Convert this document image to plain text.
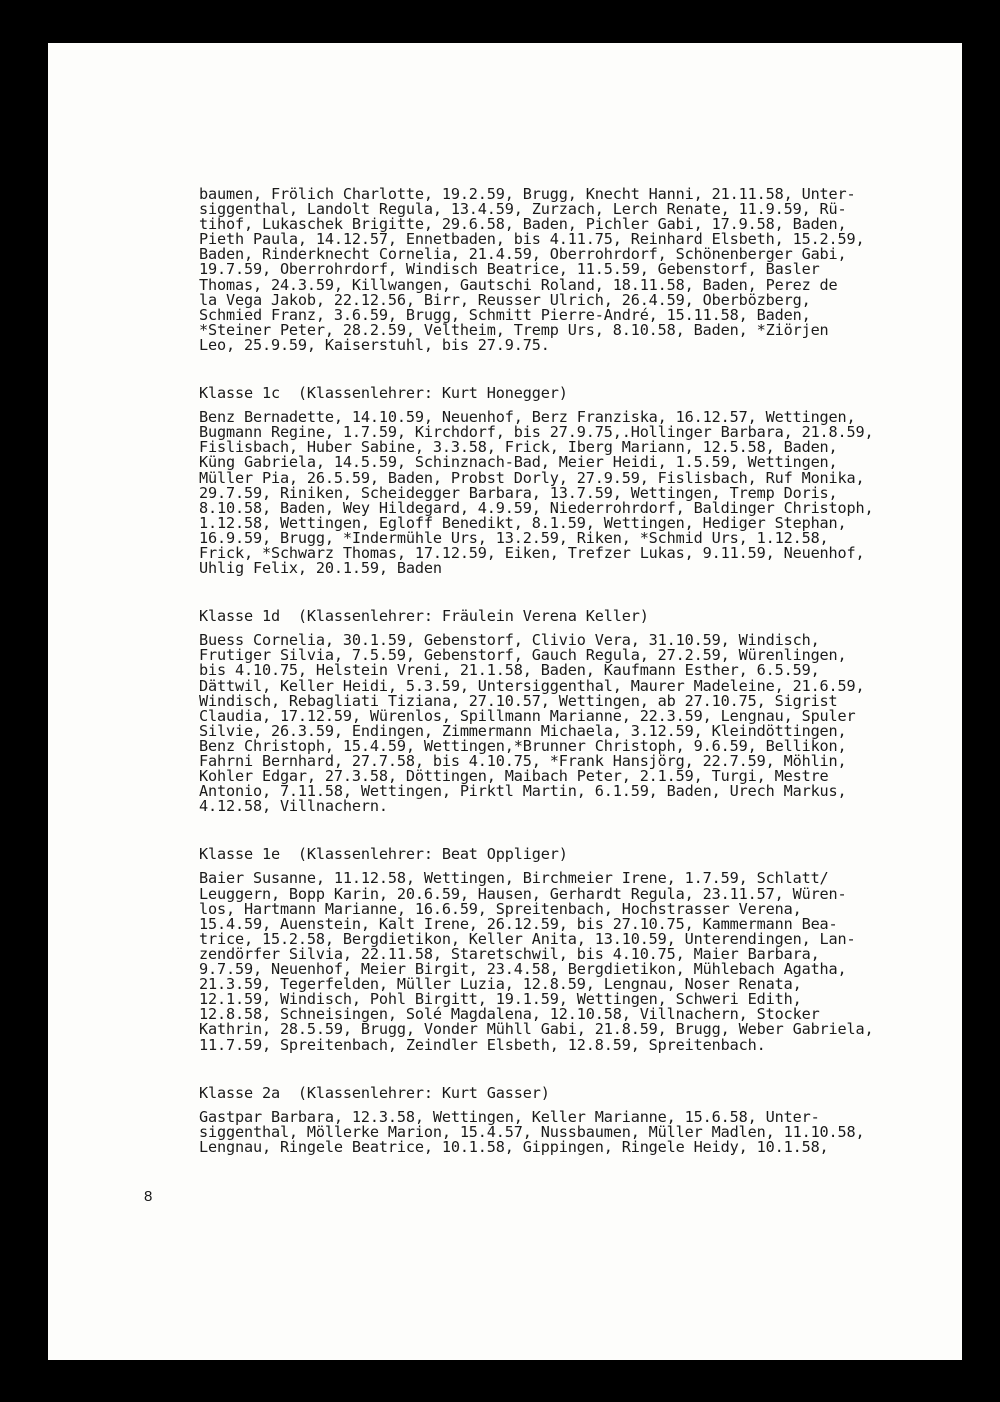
baumen, Frölich Charlotte, 19.2.59, Brugg, Knecht Hanni, 21.11.58, Unter-
siggenthal, Landolt Regula, 13.4.59, Zurzach, Lerch Renate, 11.9.59, Rü-
tihof, Lukaschek Brigitte, 29.6.58, Baden, Pichler Gabi, 17.9.58, Baden,
Pieth Paula, 14.12.57, Ennetbaden, bis 4.11.75, Reinhard Elsbeth, 15.2.59,
Baden, Rinderknecht Cornelia, 21.4.59, Oberrohrdorf, Schönenberger Gabi,
19.7.59, Oberrohrdorf, Windisch Beatrice, 11.5.59, Gebenstorf, Basler
Thomas, 24.3.59, Killwangen, Gautschi Roland, 18.11.58, Baden, Perez de
la Vega Jakob, 22.12.56, Birr, Reusser Ulrich, 26.4.59, Oberbözberg,
Schmied Franz, 3.6.59, Brugg, Schmitt Pierre-André, 15.11.58, Baden,
*Steiner Peter, 28.2.59, Veltheim, Tremp Urs, 8.10.58, Baden, *Ziörjen
Leo, 25.9.59, Kaiserstuhl, bis 27.9.75.
Klasse 1c  (Klassenlehrer: Kurt Honegger)
Benz Bernadette, 14.10.59, Neuenhof, Berz Franziska, 16.12.57, Wettingen,
Bugmann Regine, 1.7.59, Kirchdorf, bis 27.9.75,.Hollinger Barbara, 21.8.59,
Fislisbach, Huber Sabine, 3.3.58, Frick, Iberg Mariann, 12.5.58, Baden,
Küng Gabriela, 14.5.59, Schinznach-Bad, Meier Heidi, 1.5.59, Wettingen,
Müller Pia, 26.5.59, Baden, Probst Dorly, 27.9.59, Fislisbach, Ruf Monika,
29.7.59, Riniken, Scheidegger Barbara, 13.7.59, Wettingen, Tremp Doris,
8.10.58, Baden, Wey Hildegard, 4.9.59, Niederrohrdorf, Baldinger Christoph,
1.12.58, Wettingen, Egloff Benedikt, 8.1.59, Wettingen, Hediger Stephan,
16.9.59, Brugg, *Indermühle Urs, 13.2.59, Riken, *Schmid Urs, 1.12.58,
Frick, *Schwarz Thomas, 17.12.59, Eiken, Trefzer Lukas, 9.11.59, Neuenhof,
Uhlig Felix, 20.1.59, Baden
Klasse 1d  (Klassenlehrer: Fräulein Verena Keller)
Buess Cornelia, 30.1.59, Gebenstorf, Clivio Vera, 31.10.59, Windisch,
Frutiger Silvia, 7.5.59, Gebenstorf, Gauch Regula, 27.2.59, Würenlingen,
bis 4.10.75, Helstein Vreni, 21.1.58, Baden, Kaufmann Esther, 6.5.59,
Dättwil, Keller Heidi, 5.3.59, Untersiggenthal, Maurer Madeleine, 21.6.59,
Windisch, Rebagliati Tiziana, 27.10.57, Wettingen, ab 27.10.75, Sigrist
Claudia, 17.12.59, Würenlos, Spillmann Marianne, 22.3.59, Lengnau, Spuler
Silvie, 26.3.59, Endingen, Zimmermann Michaela, 3.12.59, Kleindöttingen,
Benz Christoph, 15.4.59, Wettingen,*Brunner Christoph, 9.6.59, Bellikon,
Fahrni Bernhard, 27.7.58, bis 4.10.75, *Frank Hansjörg, 22.7.59, Möhlin,
Kohler Edgar, 27.3.58, Döttingen, Maibach Peter, 2.1.59, Turgi, Mestre
Antonio, 7.11.58, Wettingen, Pirktl Martin, 6.1.59, Baden, Urech Markus,
4.12.58, Villnachern.
Klasse 1e  (Klassenlehrer: Beat Oppliger)
Baier Susanne, 11.12.58, Wettingen, Birchmeier Irene, 1.7.59, Schlatt/
Leuggern, Bopp Karin, 20.6.59, Hausen, Gerhardt Regula, 23.11.57, Würen-
los, Hartmann Marianne, 16.6.59, Spreitenbach, Hochstrasser Verena,
15.4.59, Auenstein, Kalt Irene, 26.12.59, bis 27.10.75, Kammermann Bea-
trice, 15.2.58, Bergdietikon, Keller Anita, 13.10.59, Unterendingen, Lan-
zendörfer Silvia, 22.11.58, Staretschwil, bis 4.10.75, Maier Barbara,
9.7.59, Neuenhof, Meier Birgit, 23.4.58, Bergdietikon, Mühlebach Agatha,
21.3.59, Tegerfelden, Müller Luzia, 12.8.59, Lengnau, Noser Renata,
12.1.59, Windisch, Pohl Birgitt, 19.1.59, Wettingen, Schweri Edith,
12.8.58, Schneisingen, Solé Magdalena, 12.10.58, Villnachern, Stocker
Kathrin, 28.5.59, Brugg, Vonder Mühll Gabi, 21.8.59, Brugg, Weber Gabriela,
11.7.59, Spreitenbach, Zeindler Elsbeth, 12.8.59, Spreitenbach.
Klasse 2a  (Klassenlehrer: Kurt Gasser)
Gastpar Barbara, 12.3.58, Wettingen, Keller Marianne, 15.6.58, Unter-
siggenthal, Möllerke Marion, 15.4.57, Nussbaumen, Müller Madlen, 11.10.58,
Lengnau, Ringele Beatrice, 10.1.58, Gippingen, Ringele Heidy, 10.1.58,
8
